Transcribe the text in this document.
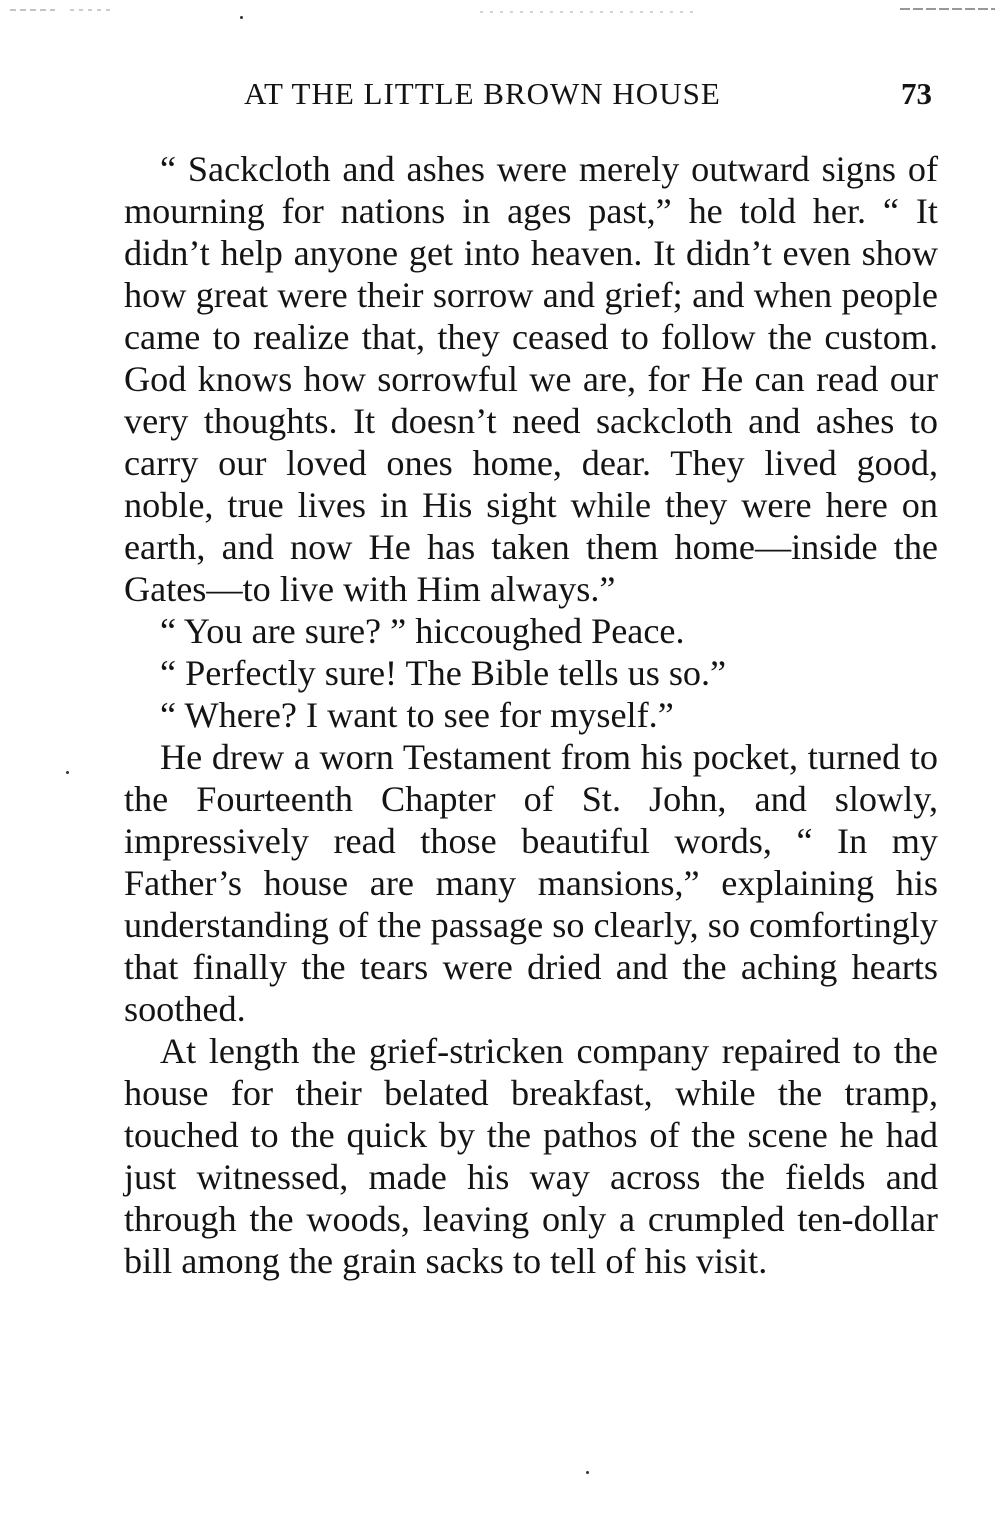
AT THE LITTLE BROWN HOUSE	73

“ Sackcloth and ashes were merely outward signs of mourning for nations in ages past,” he told her. “ It didn’t help anyone get into heaven. It didn’t even show how great were their sorrow and grief; and when people came to realize that, they ceased to follow the custom. God knows how sorrowful we are, for He can read our very thoughts. It doesn’t need sackcloth and ashes to carry our loved ones home, dear. They lived good, noble, true lives in His sight while they were here on earth, and now He has taken them home—inside the Gates—to live with Him always.”

“ You are sure? ” hiccoughed Peace.

“ Perfectly sure! The Bible tells us so.”

“ Where? I want to see for myself.”

He drew a worn Testament from his pocket, turned to the Fourteenth Chapter of St. John, and slowly, impressively read those beautiful words, “ In my Father’s house are many mansions,” explaining his understanding of the passage so clearly, so comfortingly that finally the tears were dried and the aching hearts soothed.

At length the grief-stricken company repaired to the house for their belated breakfast, while the tramp, touched to the quick by the pathos of the scene he had just witnessed, made his way across the fields and through the woods, leaving only a crumpled ten-dollar bill among the grain sacks to tell of his visit.
